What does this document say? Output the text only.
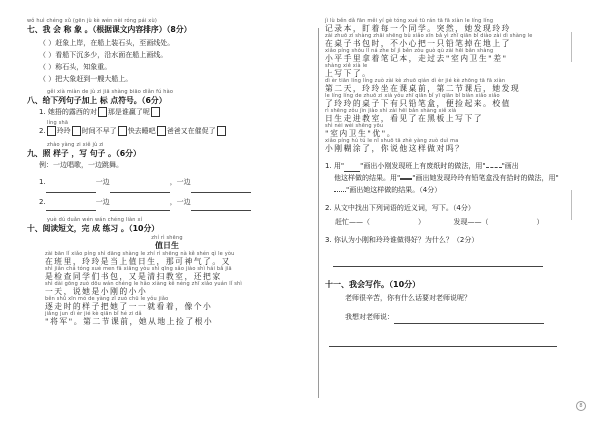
wǒ huì chéng xǔ (gēn jù kè wén nèi róng pái xù)
七、我 会 称 象 。（根据课文内容排序）（8分）
（ ）赶象上岸，在船上装石头，至画线处。
（ ）看船下沉多少，沿水面在船上画线。
（ ）称石头，知象重。
（ ）把大象赶到一艘大船上。
gěi xià miàn de jù zi jiā shàng biāo diǎn fú hào
八、给下列句子加上 标 点符号。（6分）
1. 她捂的露西的对 那是谁赢了呢
líng shā
2. 玲玲 时间不早了 快去睡吧 爸爸又在催促了
zhào yàng zi xiě jù zi
九、照 样子 ，写 句子 。（6分）
例：一边唱歌，一边跳舞。
1.	一边	，一边
2.	一边	，一边
yuè dú duǎn wén wán chéng liàn xí
十、阅读短文，完 成 练习 。（10分）
zhí rì shēng
值日生
zài bān lǐ xiǎo píng shì dāng shàng le zhí rì shēng nà kě shén qì le yòu
在班里，玲玲是当上值日生，那可神气了。又
shì jiǎn chá tóng xué men fā xiāng yòu shì qīng sǎo jiào shì hái bǎ jiā
是检查同学们书包，又是清扫教室，还把家
shì dài gōng zuò dōu wán chéng le hǎo xiàng kě néng zhī xiǎo yuán lǐ shì
一天，说她是小刚的小小
běn shū xīn mó de yàng zǐ zuò chū le yǒu jiǎo
逐走时的样子把她了一一就看着，像个小
jiǎng jun dì èr jié kè qiān bǐ hé zi dǎ
"将军"。第二节课前，她从地上捡了根小
jì lù běn dǎ fān měi yí gè tóng xué tū rán tā fā xiàn le líng líng
记录本，盯着每一个同学。突然，她发现玲玲
zài zhuō zi shàng zhāi shēng bù xiǎo xīn bǎ yì zhī qiān bǐ diào zài dì shàng le
在桌子书包时，不小心把一只铅笔掉在地上了
xiǎo píng shǒu lǐ ná zhe bǐ jì běn zǒu guò qù zài hēi bǎn shàng
小平手里拿着笔记本，走过去"室内卫生"差"
shàng xiě xià le
上写下了。
dì èr tiān líng líng zuò zài kè zhuō qián dì èr jié kè zhōng tā fā xiàn
第二天，玲玲坐在课桌前，第二节课后，她发现
le líng líng de zhuō zi xià yǒu zhī qiān bǐ yī qiān bǐ biàn xiǎo xiǎo
了玲玲的桌子下有只铅笔盒，便捡起来。校值
rì shēng zǒu jìn jiào shì zài hēi bǎn shàng xiě xià
日生走进教室，看见了在黑板上写下了
shì nèi wèi shēng yōu
"室内卫生"优"。
xiǎo píng hú tú le nǐ shuō tā zhè yàng zuò duì ma
小刚糊涂了，你说他这样做对吗？
1. 用" "画出小刚发现班上有废纸时的做法，用" "画出
他这样做的结果。用" "画出她发现玲玲有铅笔盒没有拾时的做法，用"
"画出她这样做的结果。（4分）
2. 从文中找出下列词语的近义词，写下。（4分）
赶忙——（	）	发现——（	）
3. 你认为小刚和玲玲谁做得好？为什么？（2分）
十一、我会写作。（10分）
老师很辛苦，你有什么话要对老师说呢？
我想对老师说：
8
